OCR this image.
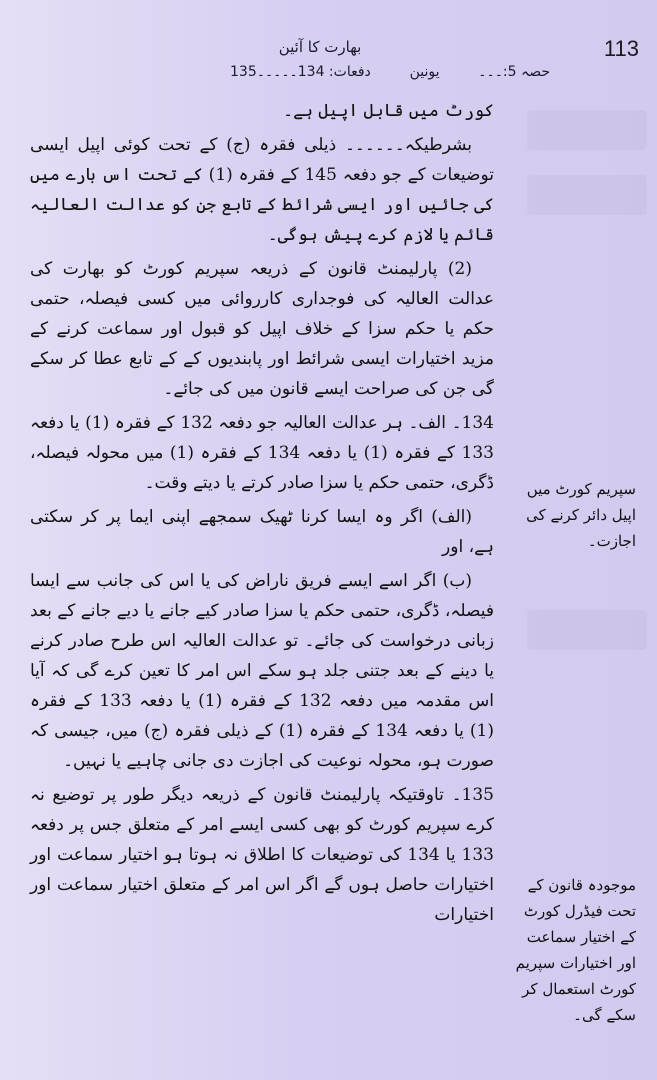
113
بھارت کا آئین
حصہ 5:۔۔۔
یونین
دفعات: 134۔۔۔۔۔135

کورٹ میں قابل اپیل ہے۔

بشرطیکہ۔۔۔۔۔۔ ذیلی فقرہ (ج) کے تحت کوئی اپیل ایسی توضیعات کے جو دفعہ 145 کے فقرہ (1) کے تحت اس بارے میں کی جائیں اور ایسی شرائط کے تابع جن کو عدالت العالیہ قائم یا لازم کرے پیش ہوگی۔

(2) پارلیمنٹ قانون کے ذریعہ سپریم کورٹ کو بھارت کی عدالت العالیہ کی فوجداری کارروائی میں کسی فیصلہ، حتمی حکم یا حکم سزا کے خلاف اپیل کو قبول اور سماعت کرنے کے مزید اختیارات ایسی شرائط اور پابندیوں کے کے تابع عطا کر سکے گی جن کی صراحت ایسے قانون میں کی جائے۔

134۔ الف۔ ہر عدالت العالیہ جو دفعہ 132 کے فقرہ (1) یا دفعہ 133 کے فقرہ (1) یا دفعہ 134 کے فقرہ (1) میں محولہ فیصلہ، ڈگری، حتمی حکم یا سزا صادر کرتے یا دیتے وقت۔

(الف) اگر وہ ایسا کرنا ٹھیک سمجھے اپنی ایما پر کر سکتی ہے، اور

(ب) اگر اسے ایسے فریق ناراض کی یا اس کی جانب سے ایسا فیصلہ، ڈگری، حتمی حکم یا سزا صادر کیے جانے یا دیے جانے کے بعد زبانی درخواست کی جائے۔ تو عدالت العالیہ اس طرح صادر کرنے یا دینے کے بعد جتنی جلد ہو سکے اس امر کا تعین کرے گی کہ آیا اس مقدمہ میں دفعہ 132 کے فقرہ (1) یا دفعہ 133 کے فقرہ (1) یا دفعہ 134 کے فقرہ (1) کے ذیلی فقرہ (ج) میں، جیسی کہ صورت ہو، محولہ نوعیت کی اجازت دی جانی چاہیے یا نہیں۔

135۔ تاوقتیکہ پارلیمنٹ قانون کے ذریعہ دیگر طور پر توضیع نہ کرے سپریم کورٹ کو بھی کسی ایسے امر کے متعلق جس پر دفعہ 133 یا 134 کی توضیعات کا اطلاق نہ ہوتا ہو اختیار سماعت اور اختیارات حاصل ہوں گے اگر اس امر کے متعلق اختیار سماعت اور اختیارات

سپریم کورٹ میں اپیل دائر کرنے کی اجازت۔
موجودہ قانون کے تحت فیڈرل کورٹ کے اختیار سماعت اور اختیارات سپریم کورٹ استعمال کر سکے گی۔
